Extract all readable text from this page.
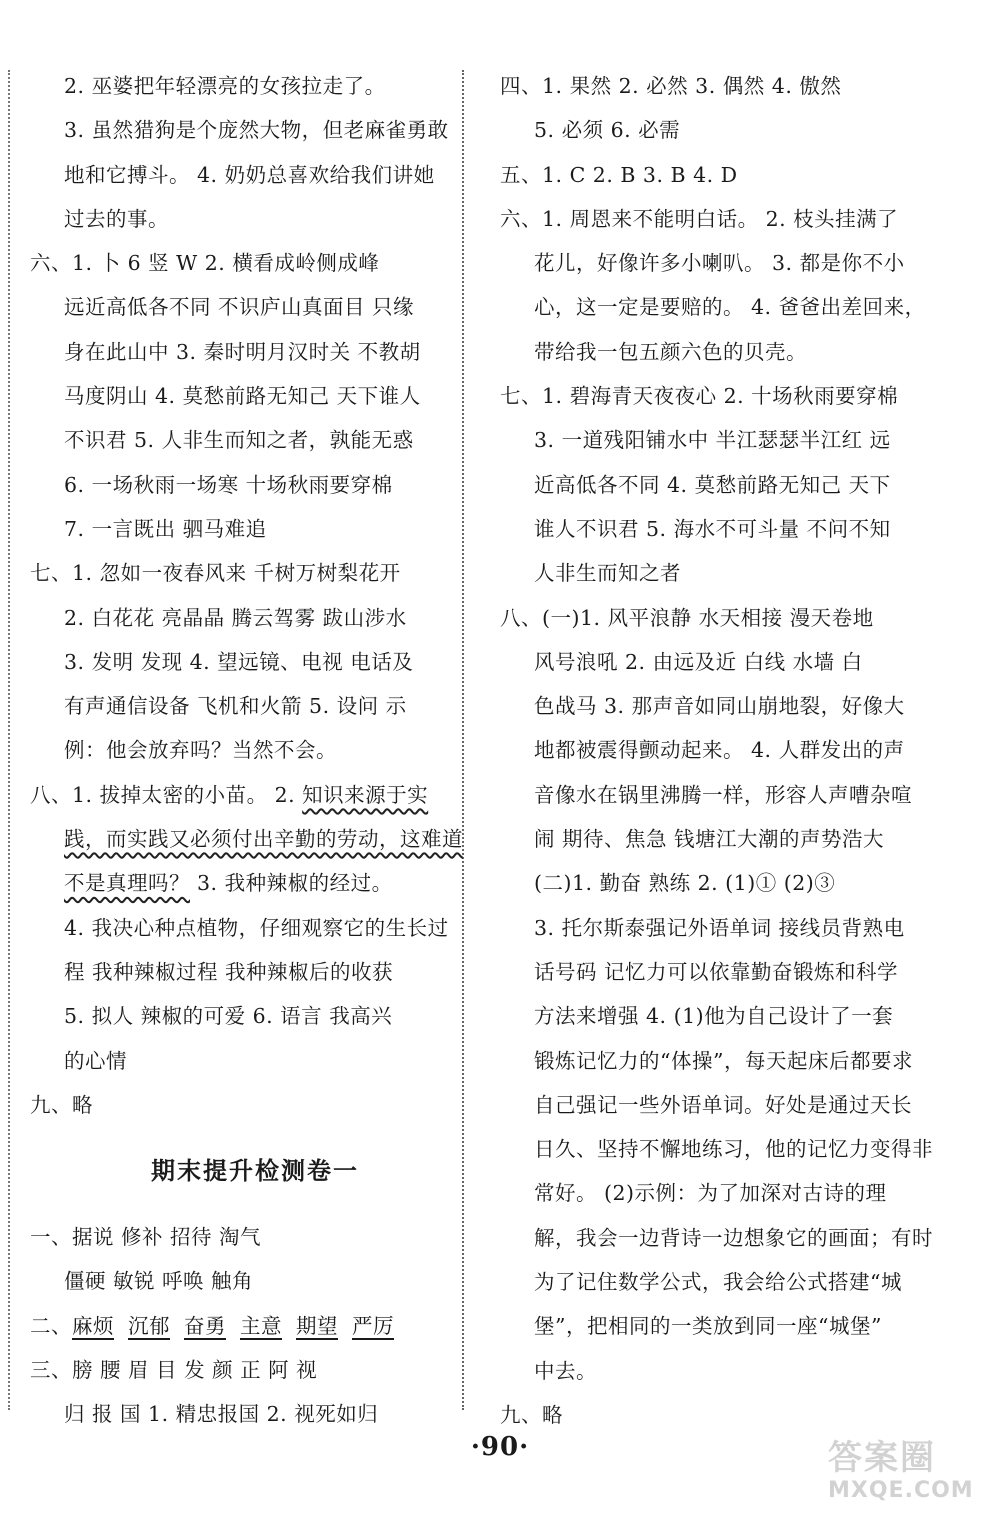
2. 巫婆把年轻漂亮的女孩拉走了。
3. 虽然猎狗是个庞然大物，但老麻雀勇敢
地和它搏斗。 4. 奶奶总喜欢给我们讲她
过去的事。
六、1. 卜 6 竖 W 2. 横看成岭侧成峰
远近高低各不同 不识庐山真面目 只缘
身在此山中 3. 秦时明月汉时关 不教胡
马度阴山 4. 莫愁前路无知己 天下谁人
不识君 5. 人非生而知之者，孰能无惑
6. 一场秋雨一场寒 十场秋雨要穿棉
7. 一言既出 驷马难追
七、1. 忽如一夜春风来 千树万树梨花开
2. 白花花 亮晶晶 腾云驾雾 跋山涉水
3. 发明 发现 4. 望远镜、电视 电话及
有声通信设备 飞机和火箭 5. 设问 示
例：他会放弃吗？当然不会。
八、1. 拔掉太密的小苗。 2. 知识来源于实
践，而实践又必须付出辛勤的劳动，这难道
不是真理吗？ 3. 我种辣椒的经过。
4. 我决心种点植物，仔细观察它的生长过
程 我种辣椒过程 我种辣椒后的收获
5. 拟人 辣椒的可爱 6. 语言 我高兴
的心情
九、略
期末提升检测卷一
一、据说 修补 招待 淘气
僵硬 敏锐 呼唤 触角
二、麻烦 沉郁 奋勇 主意 期望 严厉
三、膀 腰 眉 目 发 颜 正 阿 视
归 报 国 1. 精忠报国 2. 视死如归
四、1. 果然 2. 必然 3. 偶然 4. 傲然
5. 必须 6. 必需
五、1. C 2. B 3. B 4. D
六、1. 周恩来不能明白话。 2. 枝头挂满了
花儿，好像许多小喇叭。 3. 都是你不小
心，这一定是要赔的。 4. 爸爸出差回来，
带给我一包五颜六色的贝壳。
七、1. 碧海青天夜夜心 2. 十场秋雨要穿棉
3. 一道残阳铺水中 半江瑟瑟半江红 远
近高低各不同 4. 莫愁前路无知己 天下
谁人不识君 5. 海水不可斗量 不问不知
人非生而知之者
八、(一)1. 风平浪静 水天相接 漫天卷地
风号浪吼 2. 由远及近 白线 水墙 白
色战马 3. 那声音如同山崩地裂，好像大
地都被震得颤动起来。 4. 人群发出的声
音像水在锅里沸腾一样，形容人声嘈杂喧
闹 期待、焦急 钱塘江大潮的声势浩大
(二)1. 勤奋 熟练 2. (1)① (2)③
3. 托尔斯泰强记外语单词 接线员背熟电
话号码 记忆力可以依靠勤奋锻炼和科学
方法来增强 4. (1)他为自己设计了一套
锻炼记忆力的“体操”，每天起床后都要求
自己强记一些外语单词。好处是通过天长
日久、坚持不懈地练习，他的记忆力变得非
常好。 (2)示例：为了加深对古诗的理
解，我会一边背诗一边想象它的画面；有时
为了记住数学公式，我会给公式搭建“城
堡”，把相同的一类放到同一座“城堡”
中去。
九、略
·90·	答案圈
MXQE.COM
